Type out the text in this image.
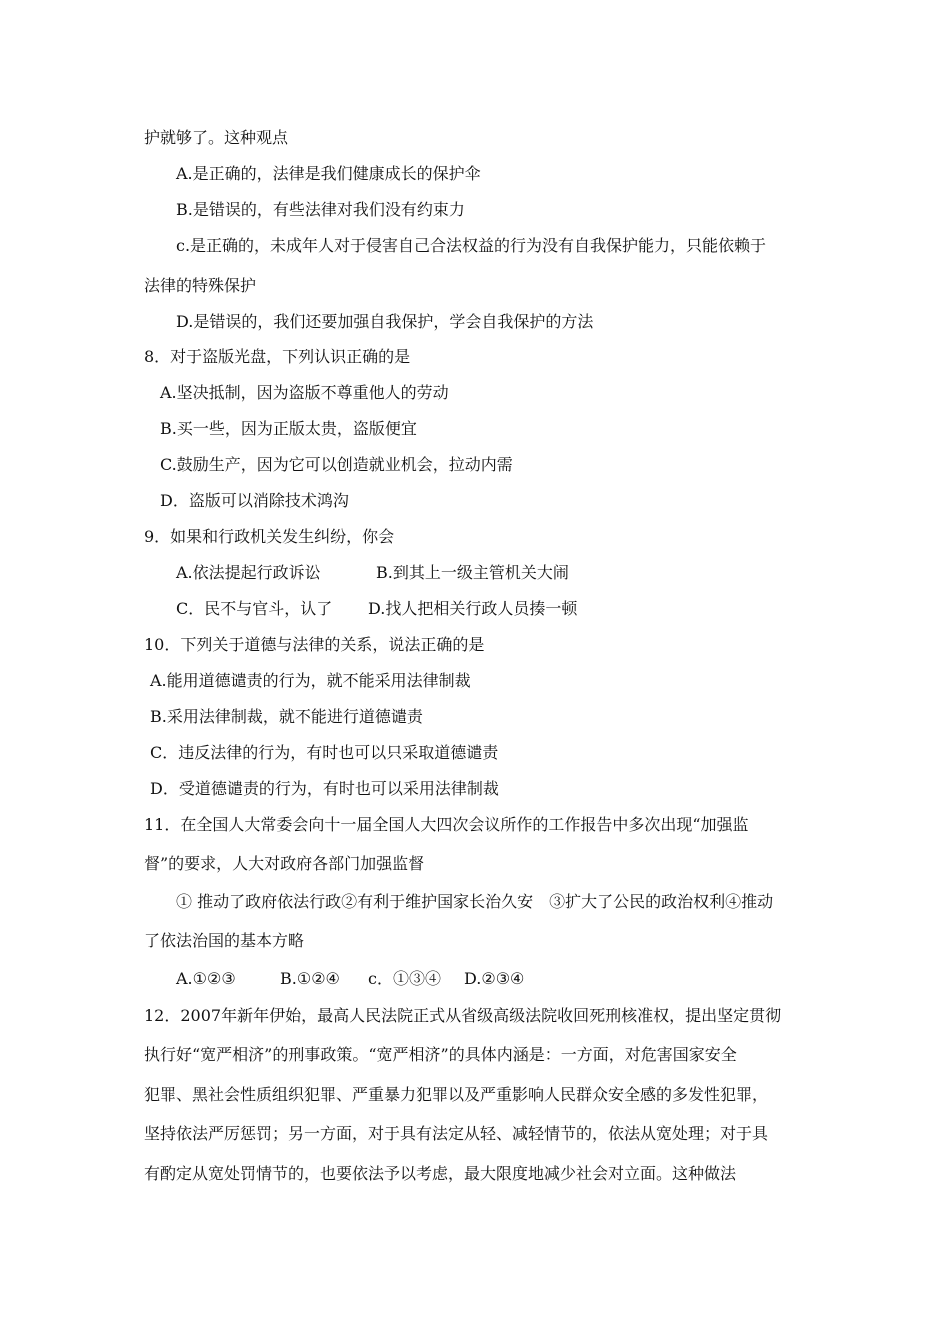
护就够了。这种观点
A.是正确的，法律是我们健康成长的保护伞
B.是错误的，有些法律对我们没有约束力
c.是正确的，未成年人对于侵害自己合法权益的行为没有自我保护能力，只能依赖于
法律的特殊保护
D.是错误的，我们还要加强自我保护，学会自我保护的方法
8．对于盗版光盘，下列认识正确的是
A.坚决抵制，因为盗版不尊重他人的劳动
B.买一些，因为正版太贵，盗版便宜
C.鼓励生产，因为它可以创造就业机会，拉动内需
D．盗版可以消除技术鸿沟
9．如果和行政机关发生纠纷，你会
A.依法提起行政诉讼	B.到其上一级主管机关大闹
C．民不与官斗，认了 D.找人把相关行政人员揍一顿
10．下列关于道德与法律的关系，说法正确的是
A.能用道德谴责的行为，就不能采用法律制裁
B.采用法律制裁，就不能进行道德谴责
C．违反法律的行为，有时也可以只采取道德谴责
D．受道德谴责的行为，有时也可以采用法律制裁
11．在全国人大常委会向十一届全国人大四次会议所作的工作报告中多次出现“加强监
督”的要求，人大对政府各部门加强监督
① 推动了政府依法行政②有利于维护国家长治久安　③扩大了公民的政治权利④推动
了依法治国的基本方略
A.①②③	B.①②④ c．①③④ D.②③④
12．2007年新年伊始，最高人民法院正式从省级高级法院收回死刑核准权，提出坚定贯彻
执行好“宽严相济”的刑事政策。“宽严相济”的具体内涵是：一方面，对危害国家安全
犯罪、黑社会性质组织犯罪、严重暴力犯罪以及严重影响人民群众安全感的多发性犯罪，
坚持依法严厉惩罚；另一方面，对于具有法定从轻、减轻情节的，依法从宽处理；对于具
有酌定从宽处罚情节的，也要依法予以考虑，最大限度地减少社会对立面。这种做法
